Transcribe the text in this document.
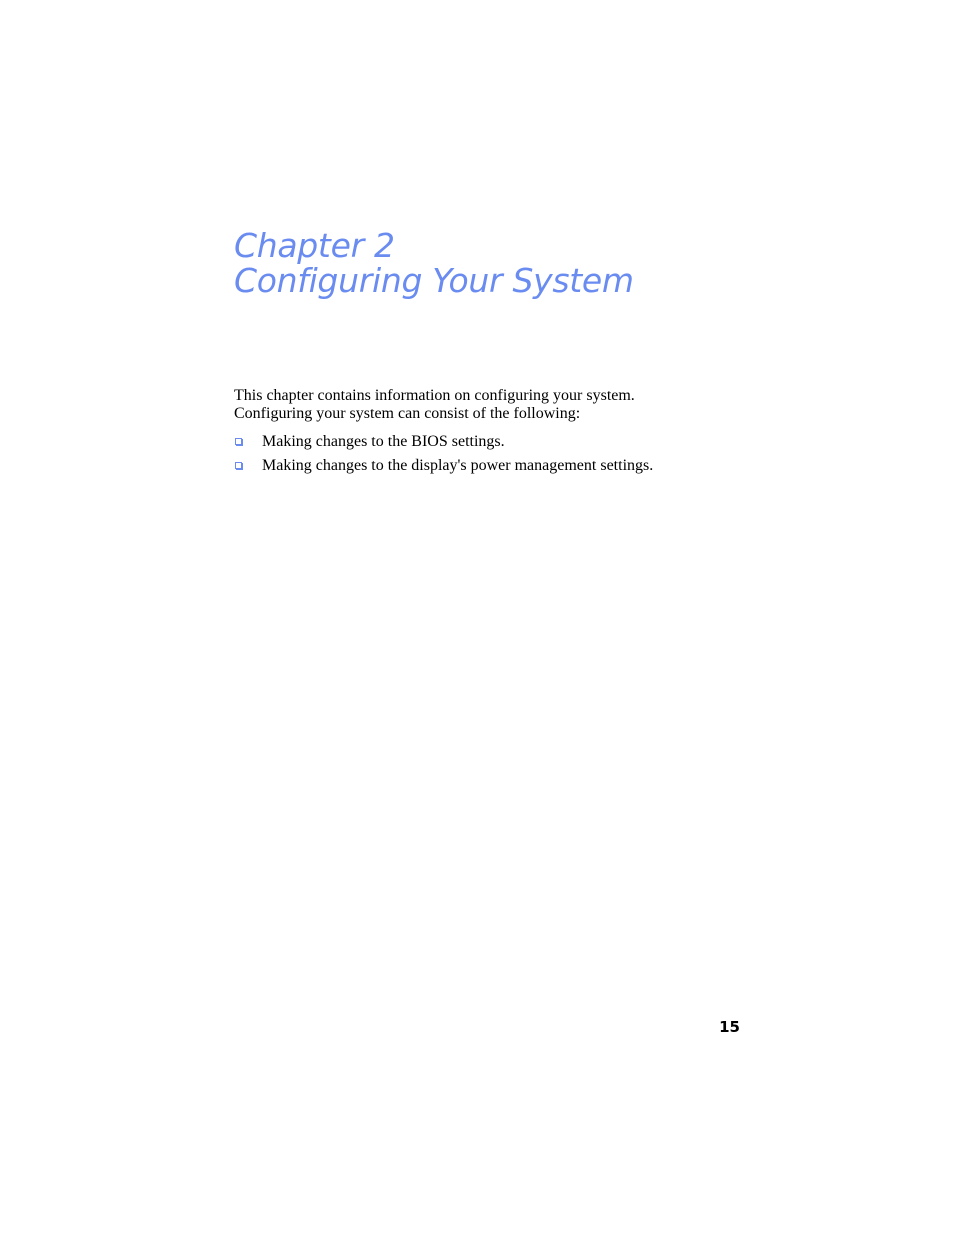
Chapter 2
Configuring Your System

This chapter contains information on configuring your system.
Configuring your system can consist of the following:

Making changes to the BIOS settings.
Making changes to the display's power management settings.
15
